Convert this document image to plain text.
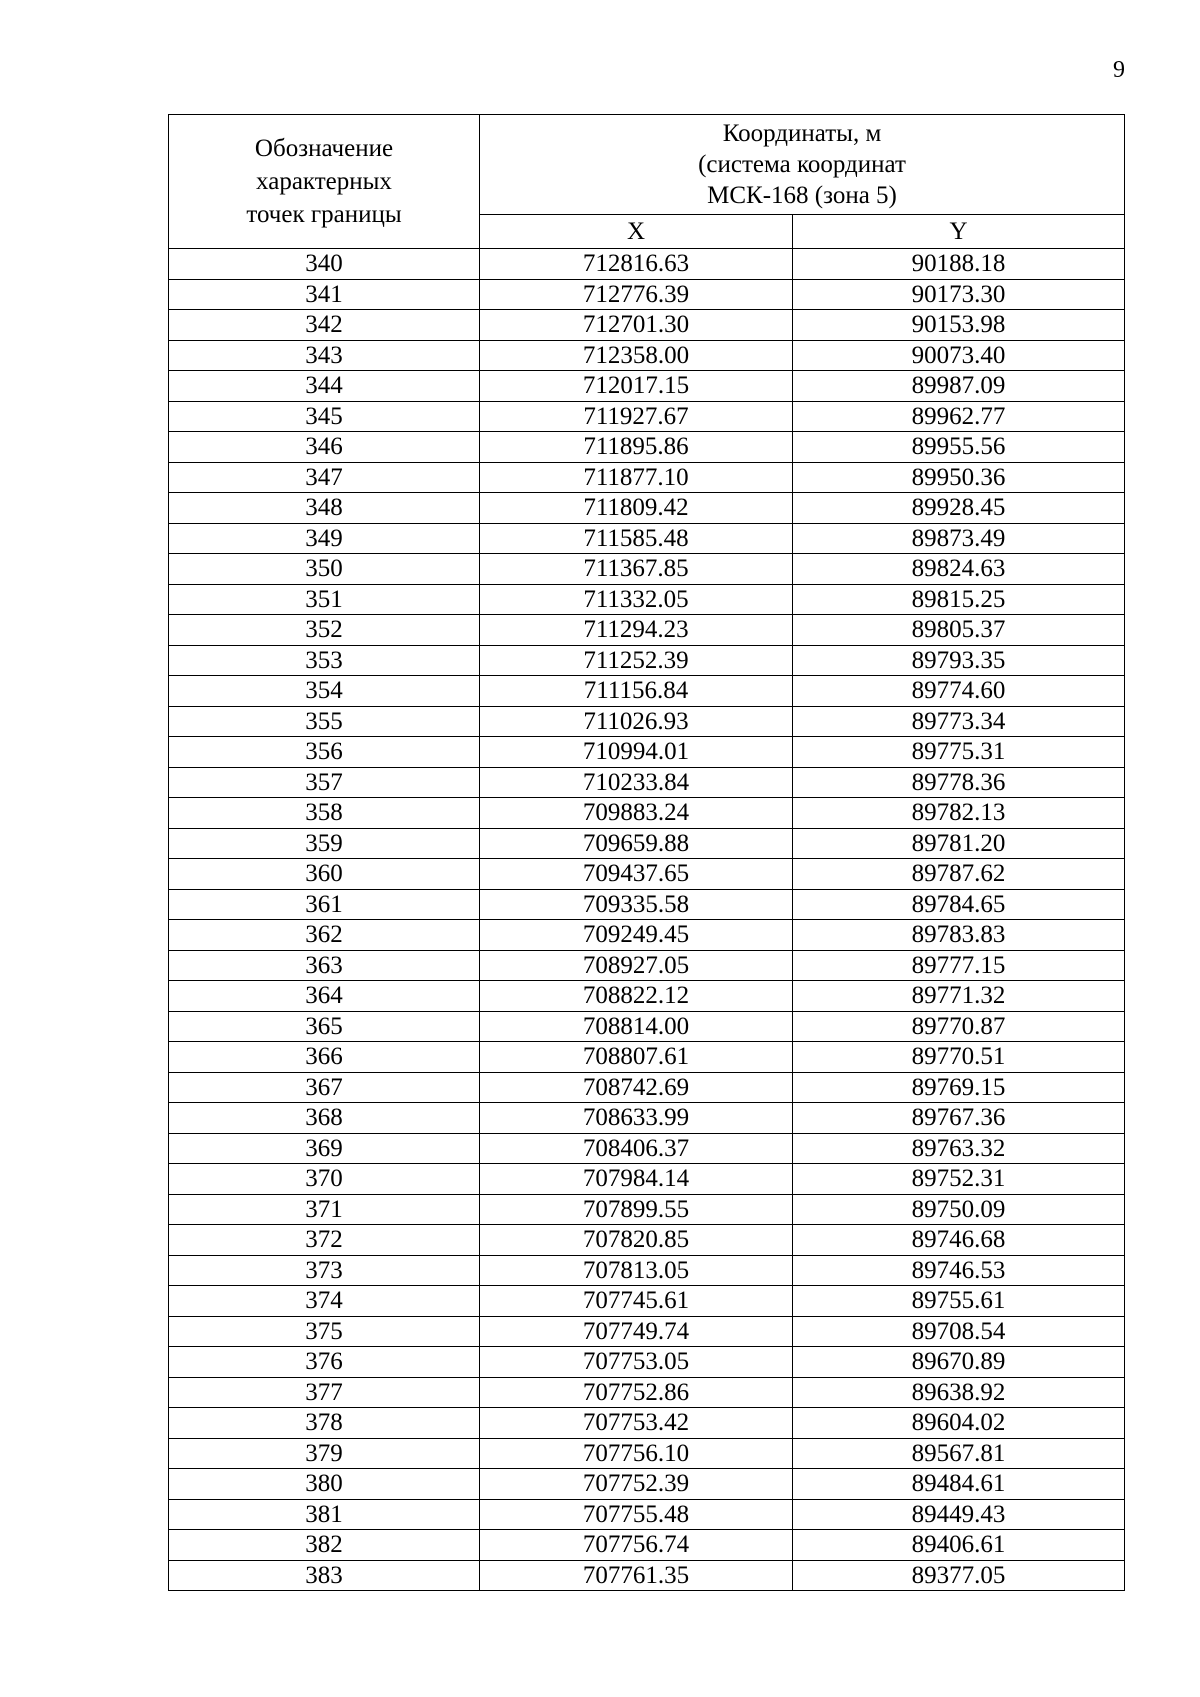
9
Обозначение
характерных
точек границы	Координаты, м
(система координат
МСК-168 (зона 5)	
	X	Y
340	712816.63	90188.18
341	712776.39	90173.30
342	712701.30	90153.98
343	712358.00	90073.40
344	712017.15	89987.09
345	711927.67	89962.77
346	711895.86	89955.56
347	711877.10	89950.36
348	711809.42	89928.45
349	711585.48	89873.49
350	711367.85	89824.63
351	711332.05	89815.25
352	711294.23	89805.37
353	711252.39	89793.35
354	711156.84	89774.60
355	711026.93	89773.34
356	710994.01	89775.31
357	710233.84	89778.36
358	709883.24	89782.13
359	709659.88	89781.20
360	709437.65	89787.62
361	709335.58	89784.65
362	709249.45	89783.83
363	708927.05	89777.15
364	708822.12	89771.32
365	708814.00	89770.87
366	708807.61	89770.51
367	708742.69	89769.15
368	708633.99	89767.36
369	708406.37	89763.32
370	707984.14	89752.31
371	707899.55	89750.09
372	707820.85	89746.68
373	707813.05	89746.53
374	707745.61	89755.61
375	707749.74	89708.54
376	707753.05	89670.89
377	707752.86	89638.92
378	707753.42	89604.02
379	707756.10	89567.81
380	707752.39	89484.61
381	707755.48	89449.43
382	707756.74	89406.61
383	707761.35	89377.05
